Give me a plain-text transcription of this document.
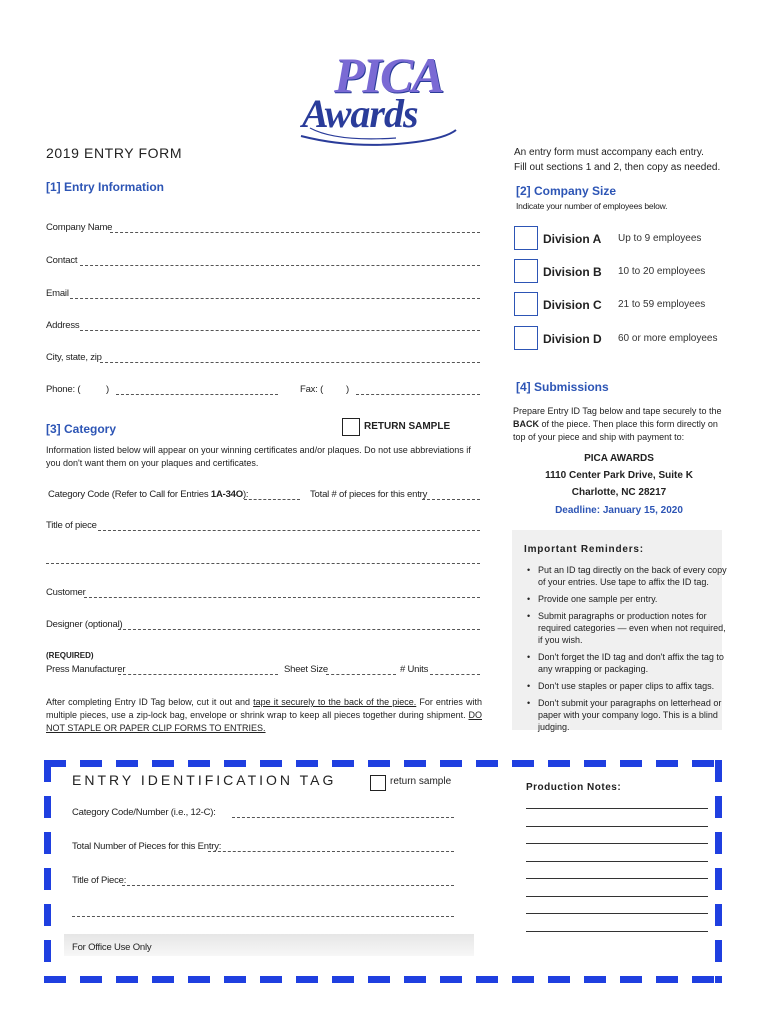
PICA
Awards
2019 ENTRY FORM	An entry form must accompany each entry.
Fill out sections 1 and 2, then copy as needed.
[1] Entry Information
Company Name
Contact
Email
Address
City, state, zip
Phone: (	)	Fax: ( )
[2] Company Size
Indicate your number of employees below.
Division A Up to 9 employees
Division B 10 to 20 employees
Division C 21 to 59 employees
Division D 60 or more employees
[4] Submissions
Prepare Entry ID Tag below and tape securely to the BACK of the piece. Then place this form directly on top of your piece and ship with payment to:
PICA AWARDS
1110 Center Park Drive, Suite K
Charlotte, NC 28217
Deadline: January 15, 2020
Important Reminders:
• Put an ID tag directly on the back of every copy of your entries. Use tape to affix the ID tag.
• Provide one sample per entry.
• Submit paragraphs or production notes for required categories — even when not required, if you wish.
• Don't forget the ID tag and don't affix the tag to any wrapping or packaging.
• Don't use staples or paper clips to affix tags.
• Don't submit your paragraphs on letterhead or paper with your company logo. This is a blind judging.
[3] Category	RETURN SAMPLE
Information listed below will appear on your winning certificates and/or plaques. Do not use abbreviations if you don't want them on your plaques and certificates.
Category Code (Refer to Call for Entries 1A-34O):	Total # of pieces for this entry
Title of piece
Customer
Designer (optional)
(REQUIRED)
Press Manufacturer	Sheet Size	# Units
After completing Entry ID Tag below, cut it out and tape it securely to the back of the piece. For entries with multiple pieces, use a zip-lock bag, envelope or shrink wrap to keep all pieces together during shipment. DO NOT STAPLE OR PAPER CLIP FORMS TO ENTRIES.
ENTRY IDENTIFICATION TAG	return sample
Category Code/Number (i.e., 12-C):
Total Number of Pieces for this Entry:
Title of Piece:
For Office Use Only
Production Notes:
